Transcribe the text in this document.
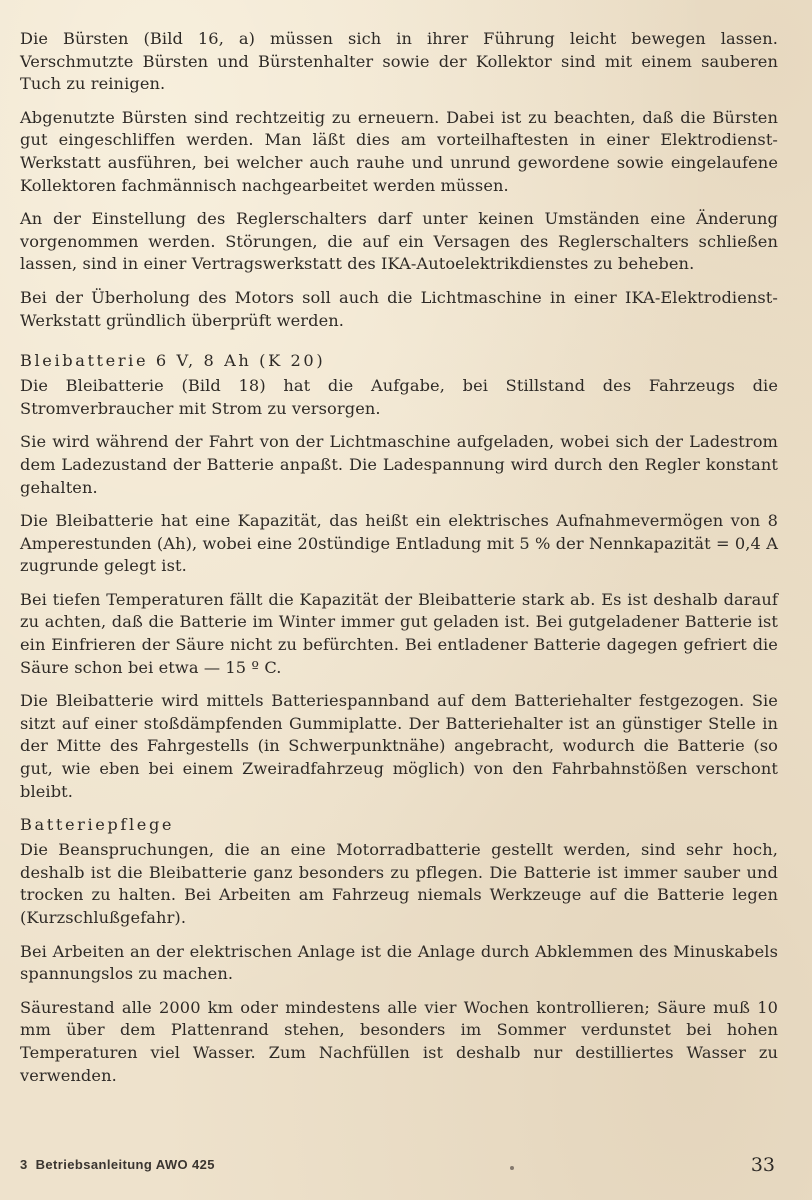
Die Bürsten (Bild 16, a) müssen sich in ihrer Führung leicht bewegen lassen. Verschmutzte Bürsten und Bürstenhalter sowie der Kollektor sind mit einem sauberen Tuch zu reinigen.

Abgenutzte Bürsten sind rechtzeitig zu erneuern. Dabei ist zu beachten, daß die Bürsten gut eingeschliffen werden. Man läßt dies am vorteilhaftesten in einer Elektrodienst-Werkstatt ausführen, bei welcher auch rauhe und unrund gewordene sowie eingelaufene Kollektoren fachmännisch nachgearbeitet werden müssen.

An der Einstellung des Reglerschalters darf unter keinen Umständen eine Änderung vorgenommen werden. Störungen, die auf ein Versagen des Reglerschalters schließen lassen, sind in einer Vertragswerkstatt des IKA-Autoelektrikdienstes zu beheben.

Bei der Überholung des Motors soll auch die Lichtmaschine in einer IKA-Elektrodienst-Werkstatt gründlich überprüft werden.

Bleibatterie 6 V, 8 Ah (K 20)

Die Bleibatterie (Bild 18) hat die Aufgabe, bei Stillstand des Fahrzeugs die Stromverbraucher mit Strom zu versorgen.

Sie wird während der Fahrt von der Lichtmaschine aufgeladen, wobei sich der Ladestrom dem Ladezustand der Batterie anpaßt. Die Ladespannung wird durch den Regler konstant gehalten.

Die Bleibatterie hat eine Kapazität, das heißt ein elektrisches Aufnahmevermögen von 8 Amperestunden (Ah), wobei eine 20stündige Entladung mit 5 % der Nennkapazität = 0,4 A zugrunde gelegt ist.

Bei tiefen Temperaturen fällt die Kapazität der Bleibatterie stark ab. Es ist deshalb darauf zu achten, daß die Batterie im Winter immer gut geladen ist. Bei gutgeladener Batterie ist ein Einfrieren der Säure nicht zu befürchten. Bei entladener Batterie dagegen gefriert die Säure schon bei etwa — 15 º C.

Die Bleibatterie wird mittels Batteriespannband auf dem Batteriehalter festgezogen. Sie sitzt auf einer stoßdämpfenden Gummiplatte. Der Batteriehalter ist an günstiger Stelle in der Mitte des Fahrgestells (in Schwerpunktnähe) angebracht, wodurch die Batterie (so gut, wie eben bei einem Zweiradfahrzeug möglich) von den Fahrbahnstößen verschont bleibt.

Batteriepflege

Die Beanspruchungen, die an eine Motorradbatterie gestellt werden, sind sehr hoch, deshalb ist die Bleibatterie ganz besonders zu pflegen. Die Batterie ist immer sauber und trocken zu halten. Bei Arbeiten am Fahrzeug niemals Werkzeuge auf die Batterie legen (Kurzschlußgefahr).

Bei Arbeiten an der elektrischen Anlage ist die Anlage durch Abklemmen des Minuskabels spannungslos zu machen.

Säurestand alle 2000 km oder mindestens alle vier Wochen kontrollieren; Säure muß 10 mm über dem Plattenrand stehen, besonders im Sommer verdunstet bei hohen Temperaturen viel Wasser. Zum Nachfüllen ist deshalb nur destilliertes Wasser zu verwenden.

3 Betriebsanleitung AWO 425	33
